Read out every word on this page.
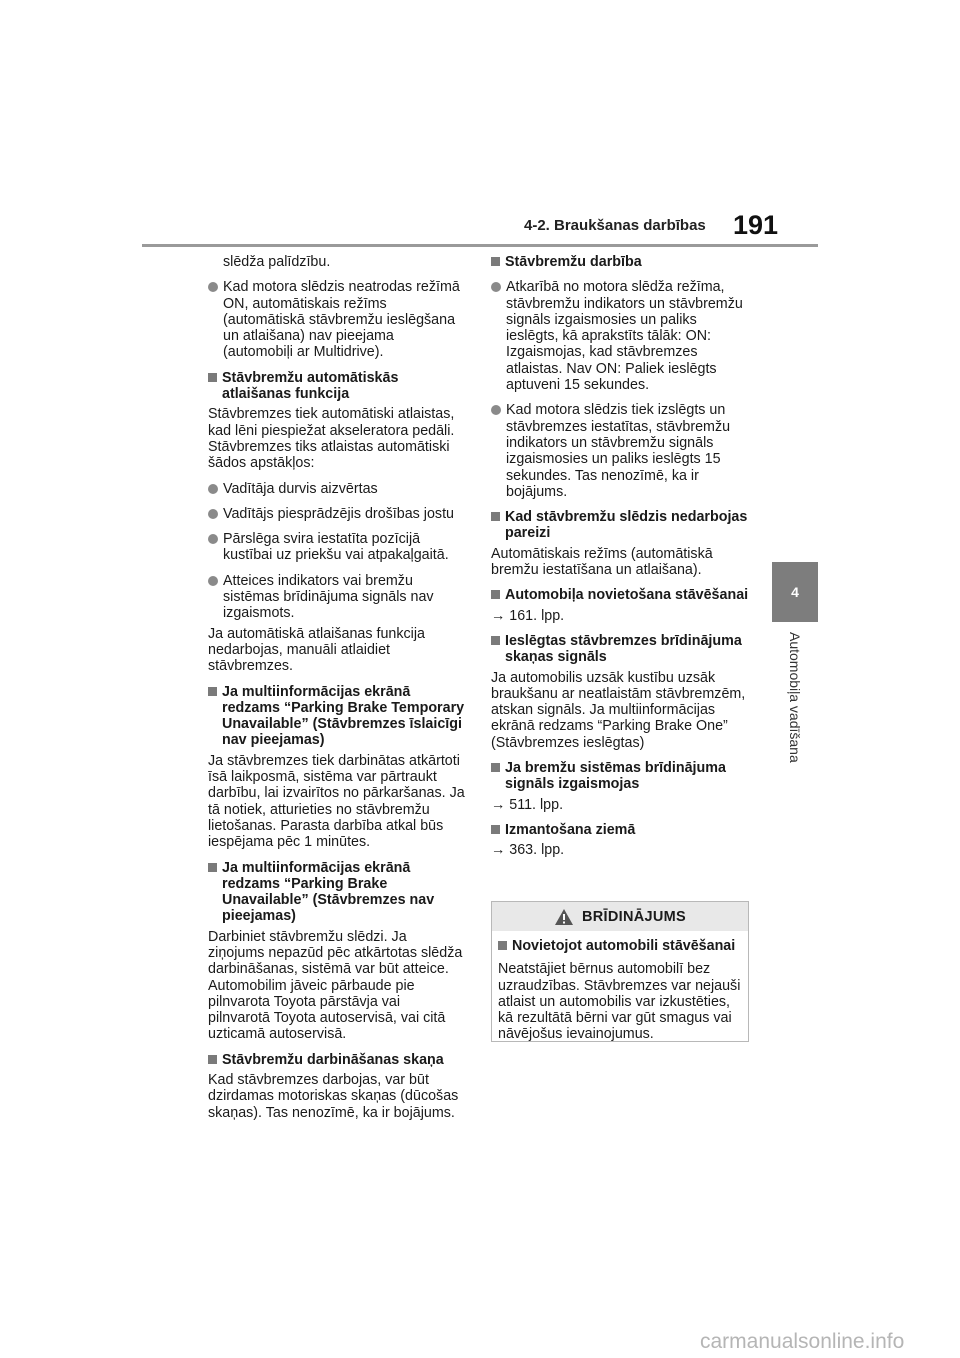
4-2. Braukšanas darbības 191
4
Automobiļa vadīšana

slēdža palīdzību.

Kad motora slēdzis neatrodas režīmā ON, automātiskais režīms (automātiskā stāvbremžu ieslēgšana un atlaišana) nav pieejama (automobiļi ar Multidrive).
Stāvbremžu automātiskās atlaišanas funkcija

Stāvbremzes tiek automātiski atlaistas, kad lēni piespiežat akseleratora pedāli. Stāvbremzes tiks atlaistas automātiski šādos apstākļos:

Vadītāja durvis aizvērtas
Vadītājs piesprādzējis drošības jostu
Pārslēga svira iestatīta pozīcijā kustībai uz priekšu vai atpakaļgaitā.
Atteices indikators vai bremžu sistēmas brīdinājuma signāls nav izgaismots.

Ja automātiskā atlaišanas funkcija nedarbojas, manuāli atlaidiet stāvbremzes.

Ja multiinformācijas ekrānā redzams “Parking Brake Temporary Unavailable” (Stāvbremzes īslaicīgi nav pieejamas)

Ja stāvbremzes tiek darbinātas atkārtoti īsā laikposmā, sistēma var pārtraukt darbību, lai izvairītos no pārkaršanas. Ja tā notiek, atturieties no stāvbremžu lietošanas. Parasta darbība atkal būs iespējama pēc 1 minūtes.

Ja multiinformācijas ekrānā redzams “Parking Brake Unavailable” (Stāvbremzes nav pieejamas)

Darbiniet stāvbremžu slēdzi. Ja ziņojums nepazūd pēc atkārtotas slēdža darbināšanas, sistēmā var būt atteice. Automobilim jāveic pārbaude pie pilnvarota Toyota pārstāvja vai pilnvarotā Toyota autoservisā, vai citā uzticamā autoservisā.

Stāvbremžu darbināšanas skaņa

Kad stāvbremzes darbojas, var būt dzirdamas motoriskas skaņas (dūcošas skaņas). Tas nenozīmē, ka ir bojājums.

Stāvbremžu darbība
Atkarībā no motora slēdža režīma, stāvbremžu indikators un stāvbremžu signāls izgaismosies un paliks ieslēgts, kā aprakstīts tālāk: ON: Izgaismojas, kad stāvbremzes atlaistas. Nav ON: Paliek ieslēgts aptuveni 15 sekundes.
Kad motora slēdzis tiek izslēgts un stāvbremzes iestatītas, stāvbremžu indikators un stāvbremžu signāls izgaismosies un paliks ieslēgts 15 sekundes. Tas nenozīmē, ka ir bojājums.
Kad stāvbremžu slēdzis nedarbojas pareizi

Automātiskais režīms (automātiskā bremžu iestatīšana un atlaišana).

Automobiļa novietošana stāvēšanai

→ 161. lpp.

Ieslēgtas stāvbremzes brīdinājuma skaņas signāls

Ja automobilis uzsāk kustību uzsāk braukšanu ar neatlaistām stāvbremzēm, atskan signāls. Ja multiinformācijas ekrānā redzams “Parking Brake One” (Stāvbremzes ieslēgtas)

Ja bremžu sistēmas brīdinājuma signāls izgaismojas

→ 511. lpp.

Izmantošana ziemā

→ 363. lpp.

BRĪDINĀJUMS
Novietojot automobili stāvēšanai

Neatstājiet bērnus automobilī bez uzraudzības. Stāvbremzes var nejauši atlaist un automobilis var izkustēties, kā rezultātā bērni var gūt smagus vai nāvējošus ievainojumus.

carmanualsonline.info
